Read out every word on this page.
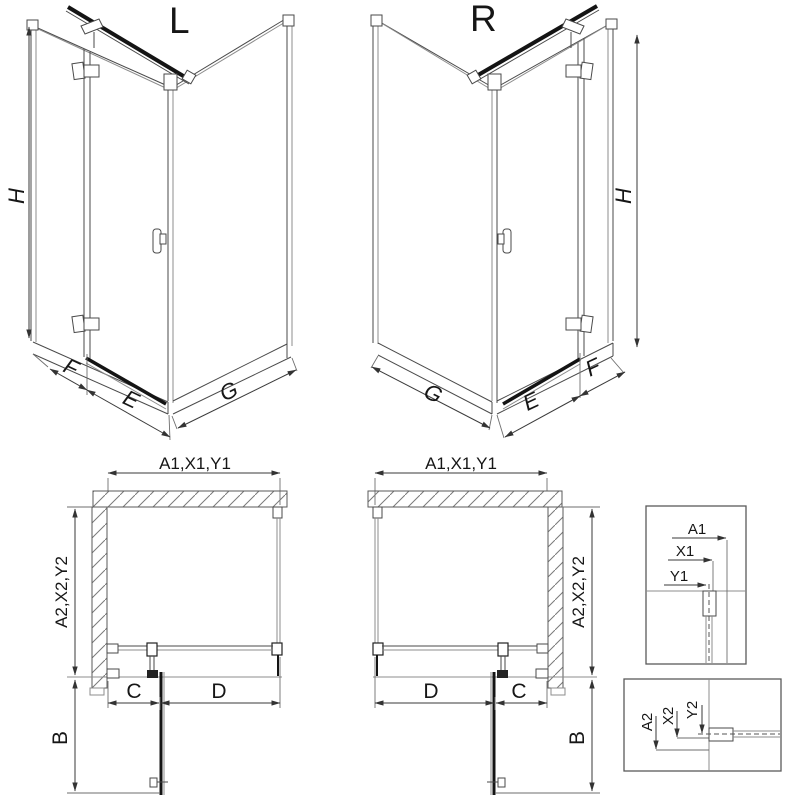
L
H
F
E	G
R
H
G	E
F
A1,X1,Y1
A2,X2,Y2
B
C	D
A1,X1,Y1
A2,X2,Y2
B
D	C
A1
X1
Y1
A2 X2 Y2
